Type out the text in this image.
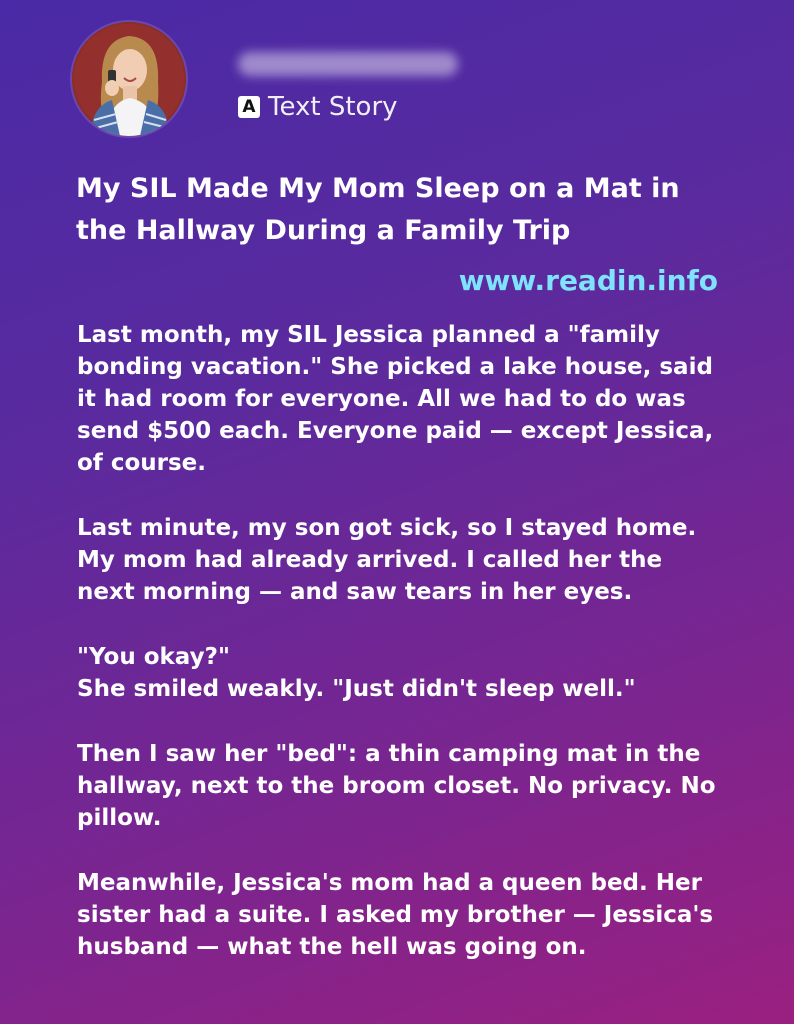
A Text Story
My SIL Made My Mom Sleep on a Mat in the Hallway During a Family Trip
www.readin.info

Last month, my SIL Jessica planned a "family bonding vacation." She picked a lake house, said it had room for everyone. All we had to do was send $500 each. Everyone paid — except Jessica, of course.

Last minute, my son got sick, so I stayed home. My mom had already arrived. I called her the next morning — and saw tears in her eyes.

"You okay?"
She smiled weakly. "Just didn't sleep well."

Then I saw her "bed": a thin camping mat in the hallway, next to the broom closet. No privacy. No pillow.

Meanwhile, Jessica's mom had a queen bed. Her sister had a suite. I asked my brother — Jessica's husband — what the hell was going on.
